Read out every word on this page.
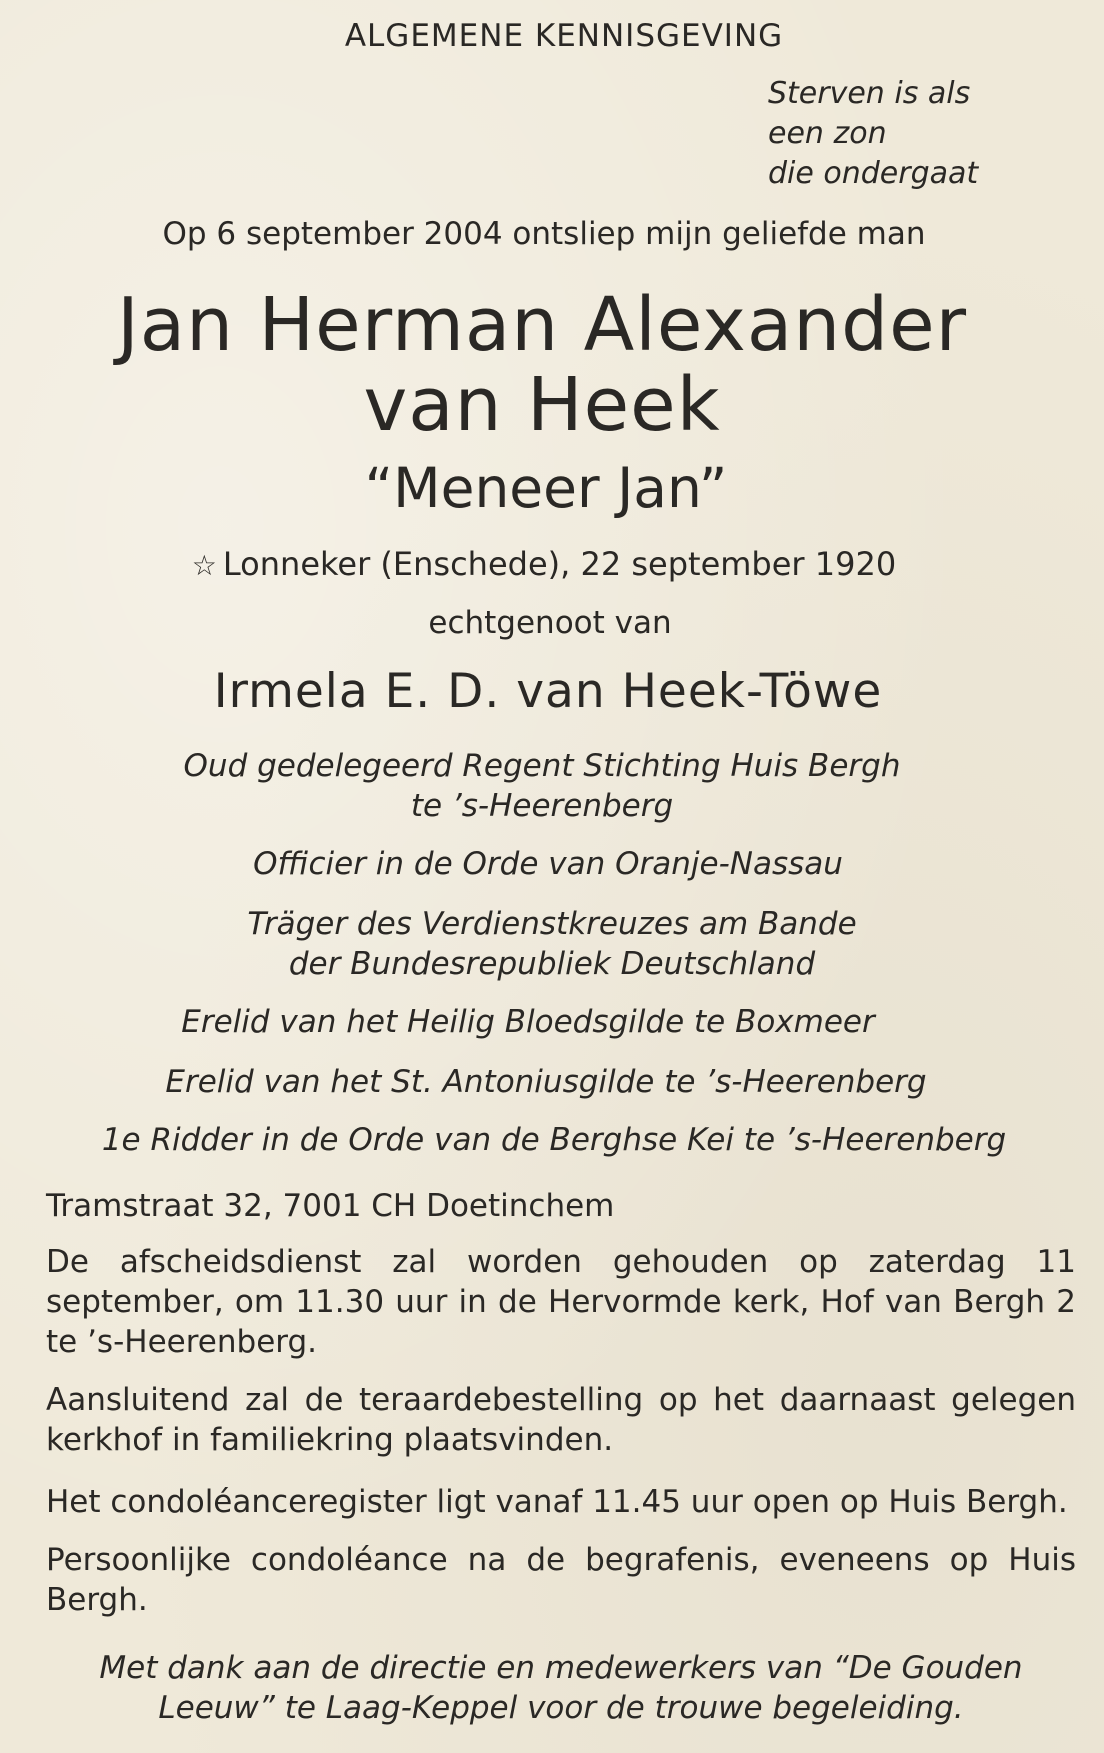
ALGEMENE KENNISGEVING
Sterven is als
een zon
die ondergaat
Op 6 september 2004 ontsliep mijn geliefde man
Jan Herman Alexander
van Heek
“Meneer Jan”
☆ Lonneker (Enschede), 22 september 1920
echtgenoot van
Irmela E. D. van Heek-Töwe
Oud gedelegeerd Regent Stichting Huis Bergh
te ’s-Heerenberg
Officier in de Orde van Oranje-Nassau
Träger des Verdienstkreuzes am Bande
der Bundesrepubliek Deutschland
Erelid van het Heilig Bloedsgilde te Boxmeer
Erelid van het St. Antoniusgilde te ’s-Heerenberg
1e Ridder in de Orde van de Berghse Kei te ’s-Heerenberg
Tramstraat 32, 7001 CH Doetinchem
De afscheidsdienst zal worden gehouden op zaterdag 11 september, om 11.30 uur in de Hervormde kerk, Hof van Bergh 2 te ’s-Heerenberg.
Aansluitend zal de teraardebestelling op het daarnaast gelegen kerkhof in familiekring plaatsvinden.
Het condoléanceregister ligt vanaf 11.45 uur open op Huis Bergh.
Persoonlijke condoléance na de begrafenis, eveneens op Huis Bergh.
Met dank aan de directie en medewerkers van “De Gouden Leeuw” te Laag-Keppel voor de trouwe begeleiding.
